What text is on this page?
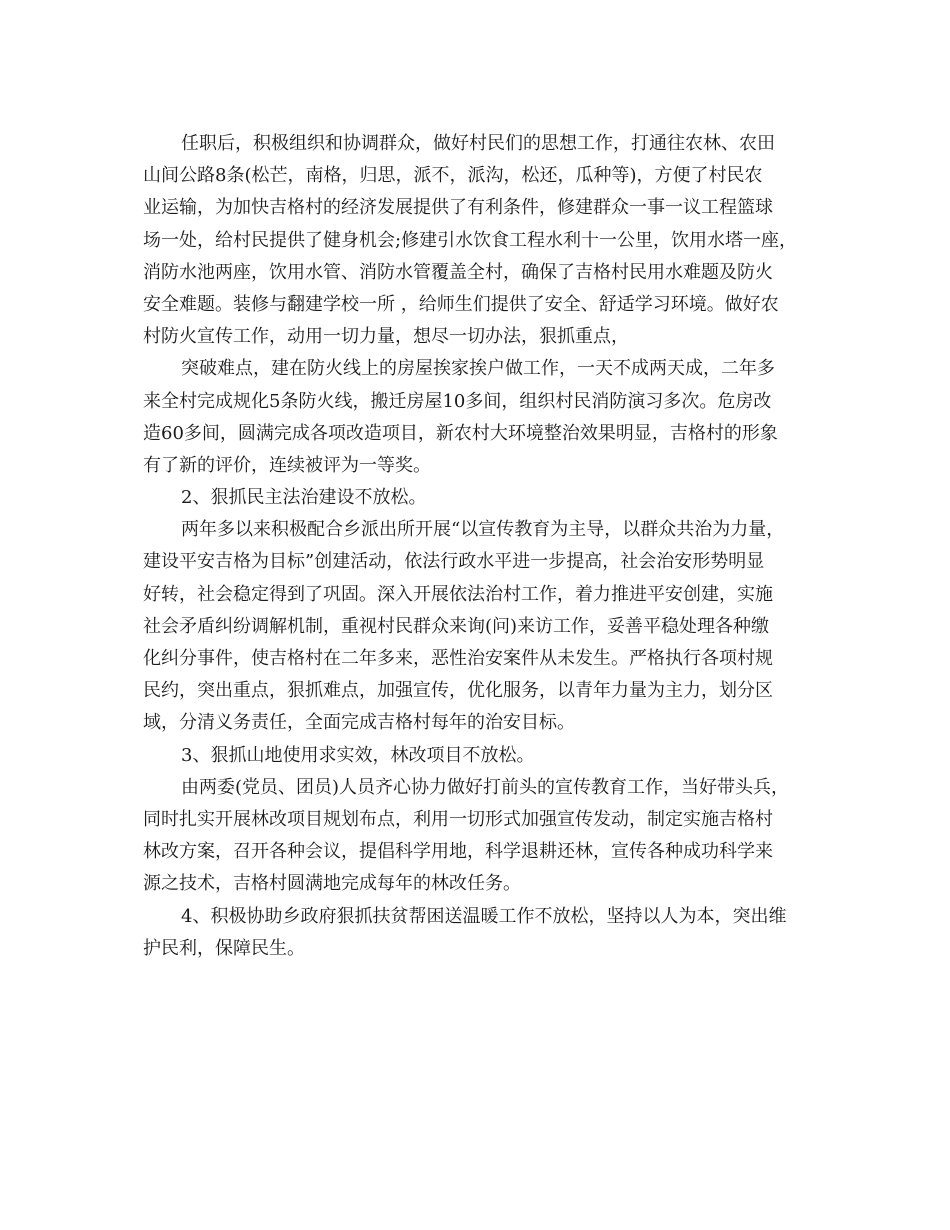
任职后，积极组织和协调群众，做好村民们的思想工作，打通往农林、农田
山间公路8条(松芒，南格，归思，派不，派沟，松还，瓜种等)，方便了村民农
业运输，为加快吉格村的经济发展提供了有利条件，修建群众一事一议工程篮球
场一处，给村民提供了健身机会;修建引水饮食工程水利十一公里，饮用水塔一座，
消防水池两座，饮用水管、消防水管覆盖全村，确保了吉格村民用水难题及防火
安全难题。装修与翻建学校一所 ，给师生们提供了安全、舒适学习环境。做好农
村防火宣传工作，动用一切力量，想尽一切办法，狠抓重点，
突破难点，建在防火线上的房屋挨家挨户做工作，一天不成两天成，二年多
来全村完成规化5条防火线，搬迁房屋10多间，组织村民消防演习多次。危房改
造60多间，圆满完成各项改造项目，新农村大环境整治效果明显，吉格村的形象
有了新的评价，连续被评为一等奖。
2、狠抓民主法治建设不放松。
两年多以来积极配合乡派出所开展“以宣传教育为主导，以群众共治为力量，
建设平安吉格为目标”创建活动，依法行政水平进一步提高，社会治安形势明显
好转，社会稳定得到了巩固。深入开展依法治村工作，着力推进平安创建，实施
社会矛盾纠纷调解机制，重视村民群众来询(问)来访工作，妥善平稳处理各种缴
化纠分事件，使吉格村在二年多来，恶性治安案件从未发生。严格执行各项村规
民约，突出重点，狠抓难点，加强宣传，优化服务，以青年力量为主力，划分区
域，分清义务责任，全面完成吉格村每年的治安目标。
3、狠抓山地使用求实效，林改项目不放松。
由两委(党员、团员)人员齐心协力做好打前头的宣传教育工作，当好带头兵，
同时扎实开展林改项目规划布点，利用一切形式加强宣传发动，制定实施吉格村
林改方案，召开各种会议，提倡科学用地，科学退耕还林，宣传各种成功科学来
源之技术，吉格村圆满地完成每年的林改任务。
4、积极协助乡政府狠抓扶贫帮困送温暖工作不放松，坚持以人为本，突出维
护民利，保障民生。
